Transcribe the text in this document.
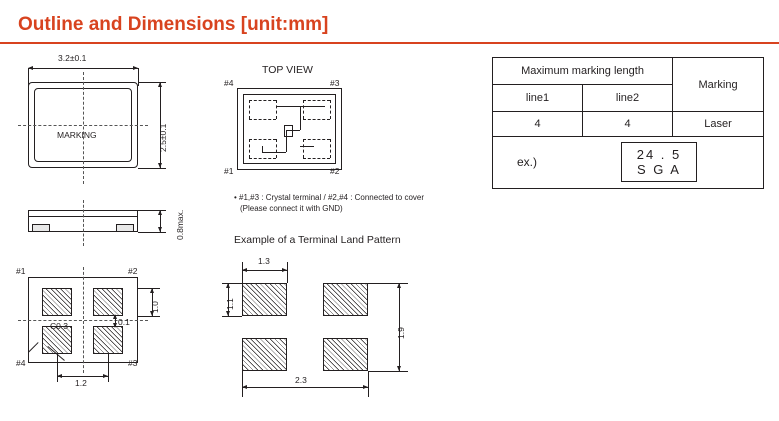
Outline and Dimensions [unit:mm]
3.2±0.1
MARKING	2.5±0.1
0.8max.
#1	#2
#3
#4
C0.3	0.1
1.0
1.2
TOP VIEW
#4	#3
#1	#2
• #1,#3 : Crystal terminal / #2,#4 : Connected to cover
(Please connect it with GND)
Example of a Terminal Land Pattern
1.3
1.1
1.9
2.3
Maximum marking length
Marking
line1	line2
4	4	Laser
ex.)	24 . 5
S G A
